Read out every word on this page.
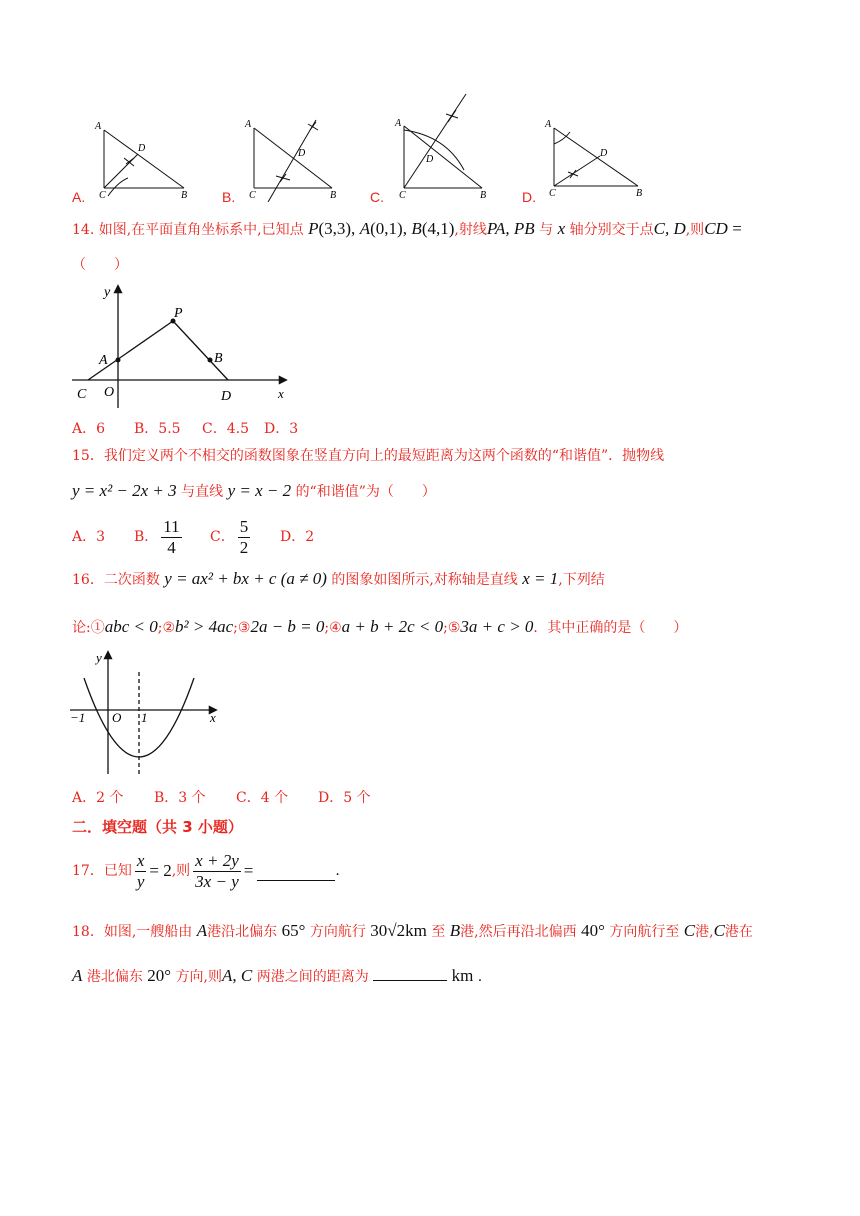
A
D
C	B
A.
A
D
C	B
B.
A
D
C	B
C.
A
D
C	B
D.
14. 如图,在平面直角坐标系中,已知点 P(3,3), A(0,1), B(4,1),射线PA, PB 与 x 轴分别交于点C, D,则CD =
（　　）
y
x
P
A	B
C O	D
A．6 B．5.5 C．4.5 D．3
15．我们定义两个不相交的函数图象在竖直方向上的最短距离为这两个函数的“和谐值”．抛物线
y = x² − 2x + 3 与直线 y = x − 2 的“和谐值”为（　　）
A．3	B． $\frac{11}{4}$ C． $\frac{5}{2}$ D．2
16．二次函数 y = ax² + bx + c (a ≠ 0) 的图象如图所示,对称轴是直线 x = 1,下列结
论:①abc < 0;②b² > 4ac;③2a − b = 0;④a + b + 2c < 0;⑤3a + c > 0．其中正确的是（　　）
y
x
O 1
−1
A．2 个 B．3 个 C．4 个 D．5 个
二．填空题（共 3 小题）
17． 已知 $\frac{x}{y} = 2$ ,则 $\frac{x + 2y}{3x - y}$ =	.
18．如图,一艘船由 A港沿北偏东 65° 方向航行 30√2km 至 B港,然后再沿北偏西 40° 方向航行至 C港,C港在
A 港北偏东 20° 方向,则A, C 两港之间的距离为	km .
